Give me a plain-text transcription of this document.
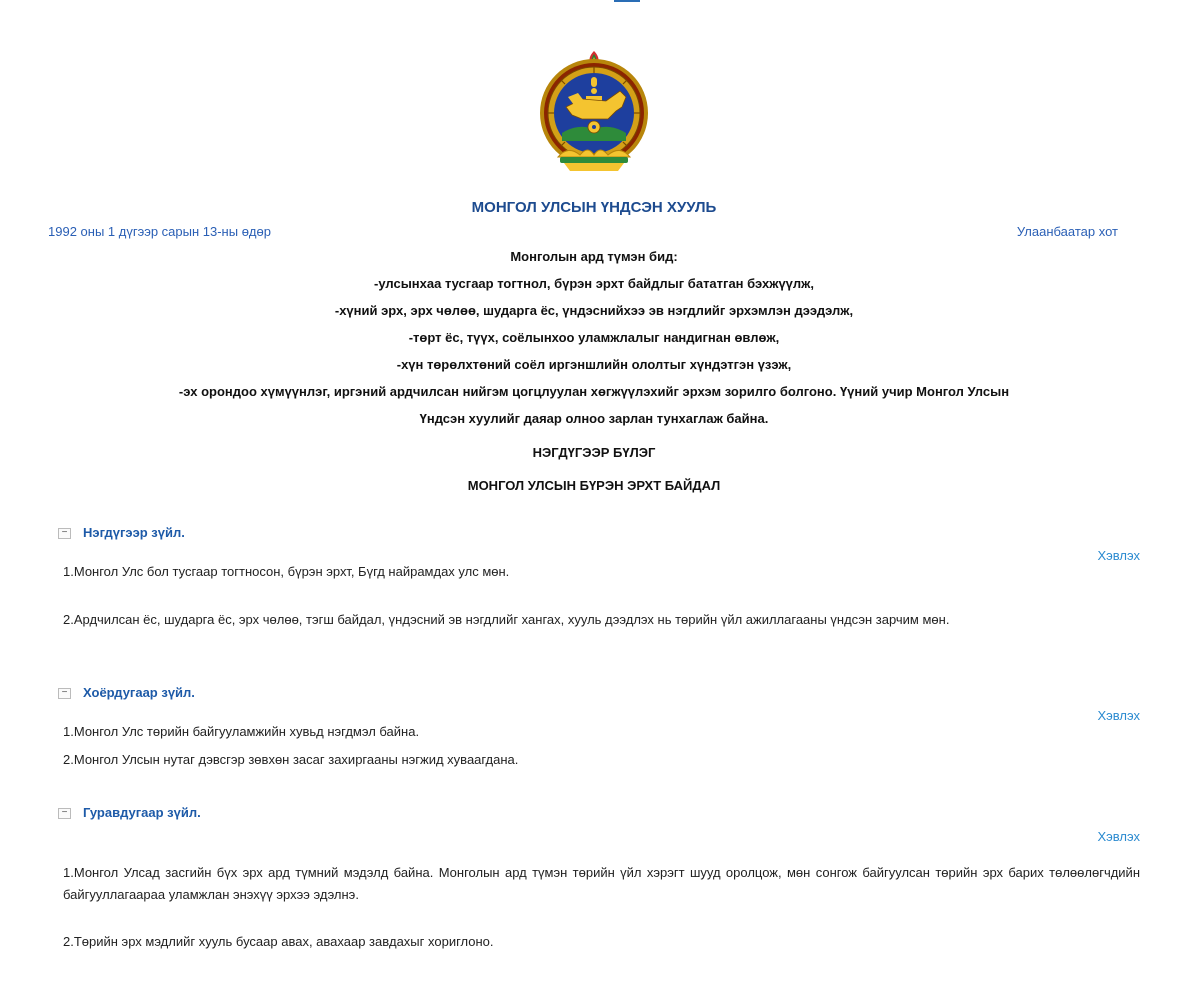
МОНГОЛ УЛСЫН ҮНДСЭН ХУУЛЬ
1992 оны 1 дүгээр сарын 13-ны өдөр	Улаанбаатар хот
Монголын ард түмэн бид:
-улсынхаа тусгаар тогтнол, бүрэн эрхт байдлыг бататган бэхжүүлж,
-хүний эрх, эрх чөлөө, шударга ёс, үндэснийхээ эв нэгдлийг эрхэмлэн дээдэлж,
-төрт ёс, түүх, соёлынхоо уламжлалыг нандигнан өвлөж,
-хүн төрөлхтөний соёл иргэншлийн ололтыг хүндэтгэн үзэж,
-эх орондоо хүмүүнлэг, иргэний ардчилсан нийгэм цогцлуулан хөгжүүлэхийг эрхэм зорилго болгоно. Үүний учир Монгол Улсын
Үндсэн хуулийг даяар олноо зарлан тунхаглаж байна.
НЭГДҮГЭЭР БҮЛЭГ
МОНГОЛ УЛСЫН БҮРЭН ЭРХТ БАЙДАЛ
− Нэгдүгээр зүйл.
Хэвлэх
1.Монгол Улс бол тусгаар тогтносон, бүрэн эрхт, Бүгд найрамдах улс мөн.
2.Ардчилсан ёс, шударга ёс, эрх чөлөө, тэгш байдал, үндэсний эв нэгдлийг хангах, хууль дээдлэх нь төрийн үйл ажиллагааны үндсэн зарчим мөн.
− Хоёрдугаар зүйл.
Хэвлэх
1.Монгол Улс төрийн байгууламжийн хувьд нэгдмэл байна.
2.Монгол Улсын нутаг дэвсгэр зөвхөн засаг захиргааны нэгжид хуваагдана.
− Гуравдугаар зүйл.
Хэвлэх
1.Монгол Улсад засгийн бүх эрх ард түмний мэдэлд байна. Монголын ард түмэн төрийн үйл хэрэгт шууд оролцож, мөн сонгож байгуулсан төрийн эрх барих төлөөлөгчдийн байгууллагаараа уламжлан энэхүү эрхээ эдэлнэ.
2.Төрийн эрх мэдлийг хууль бусаар авах, авахаар завдахыг хориглоно.
